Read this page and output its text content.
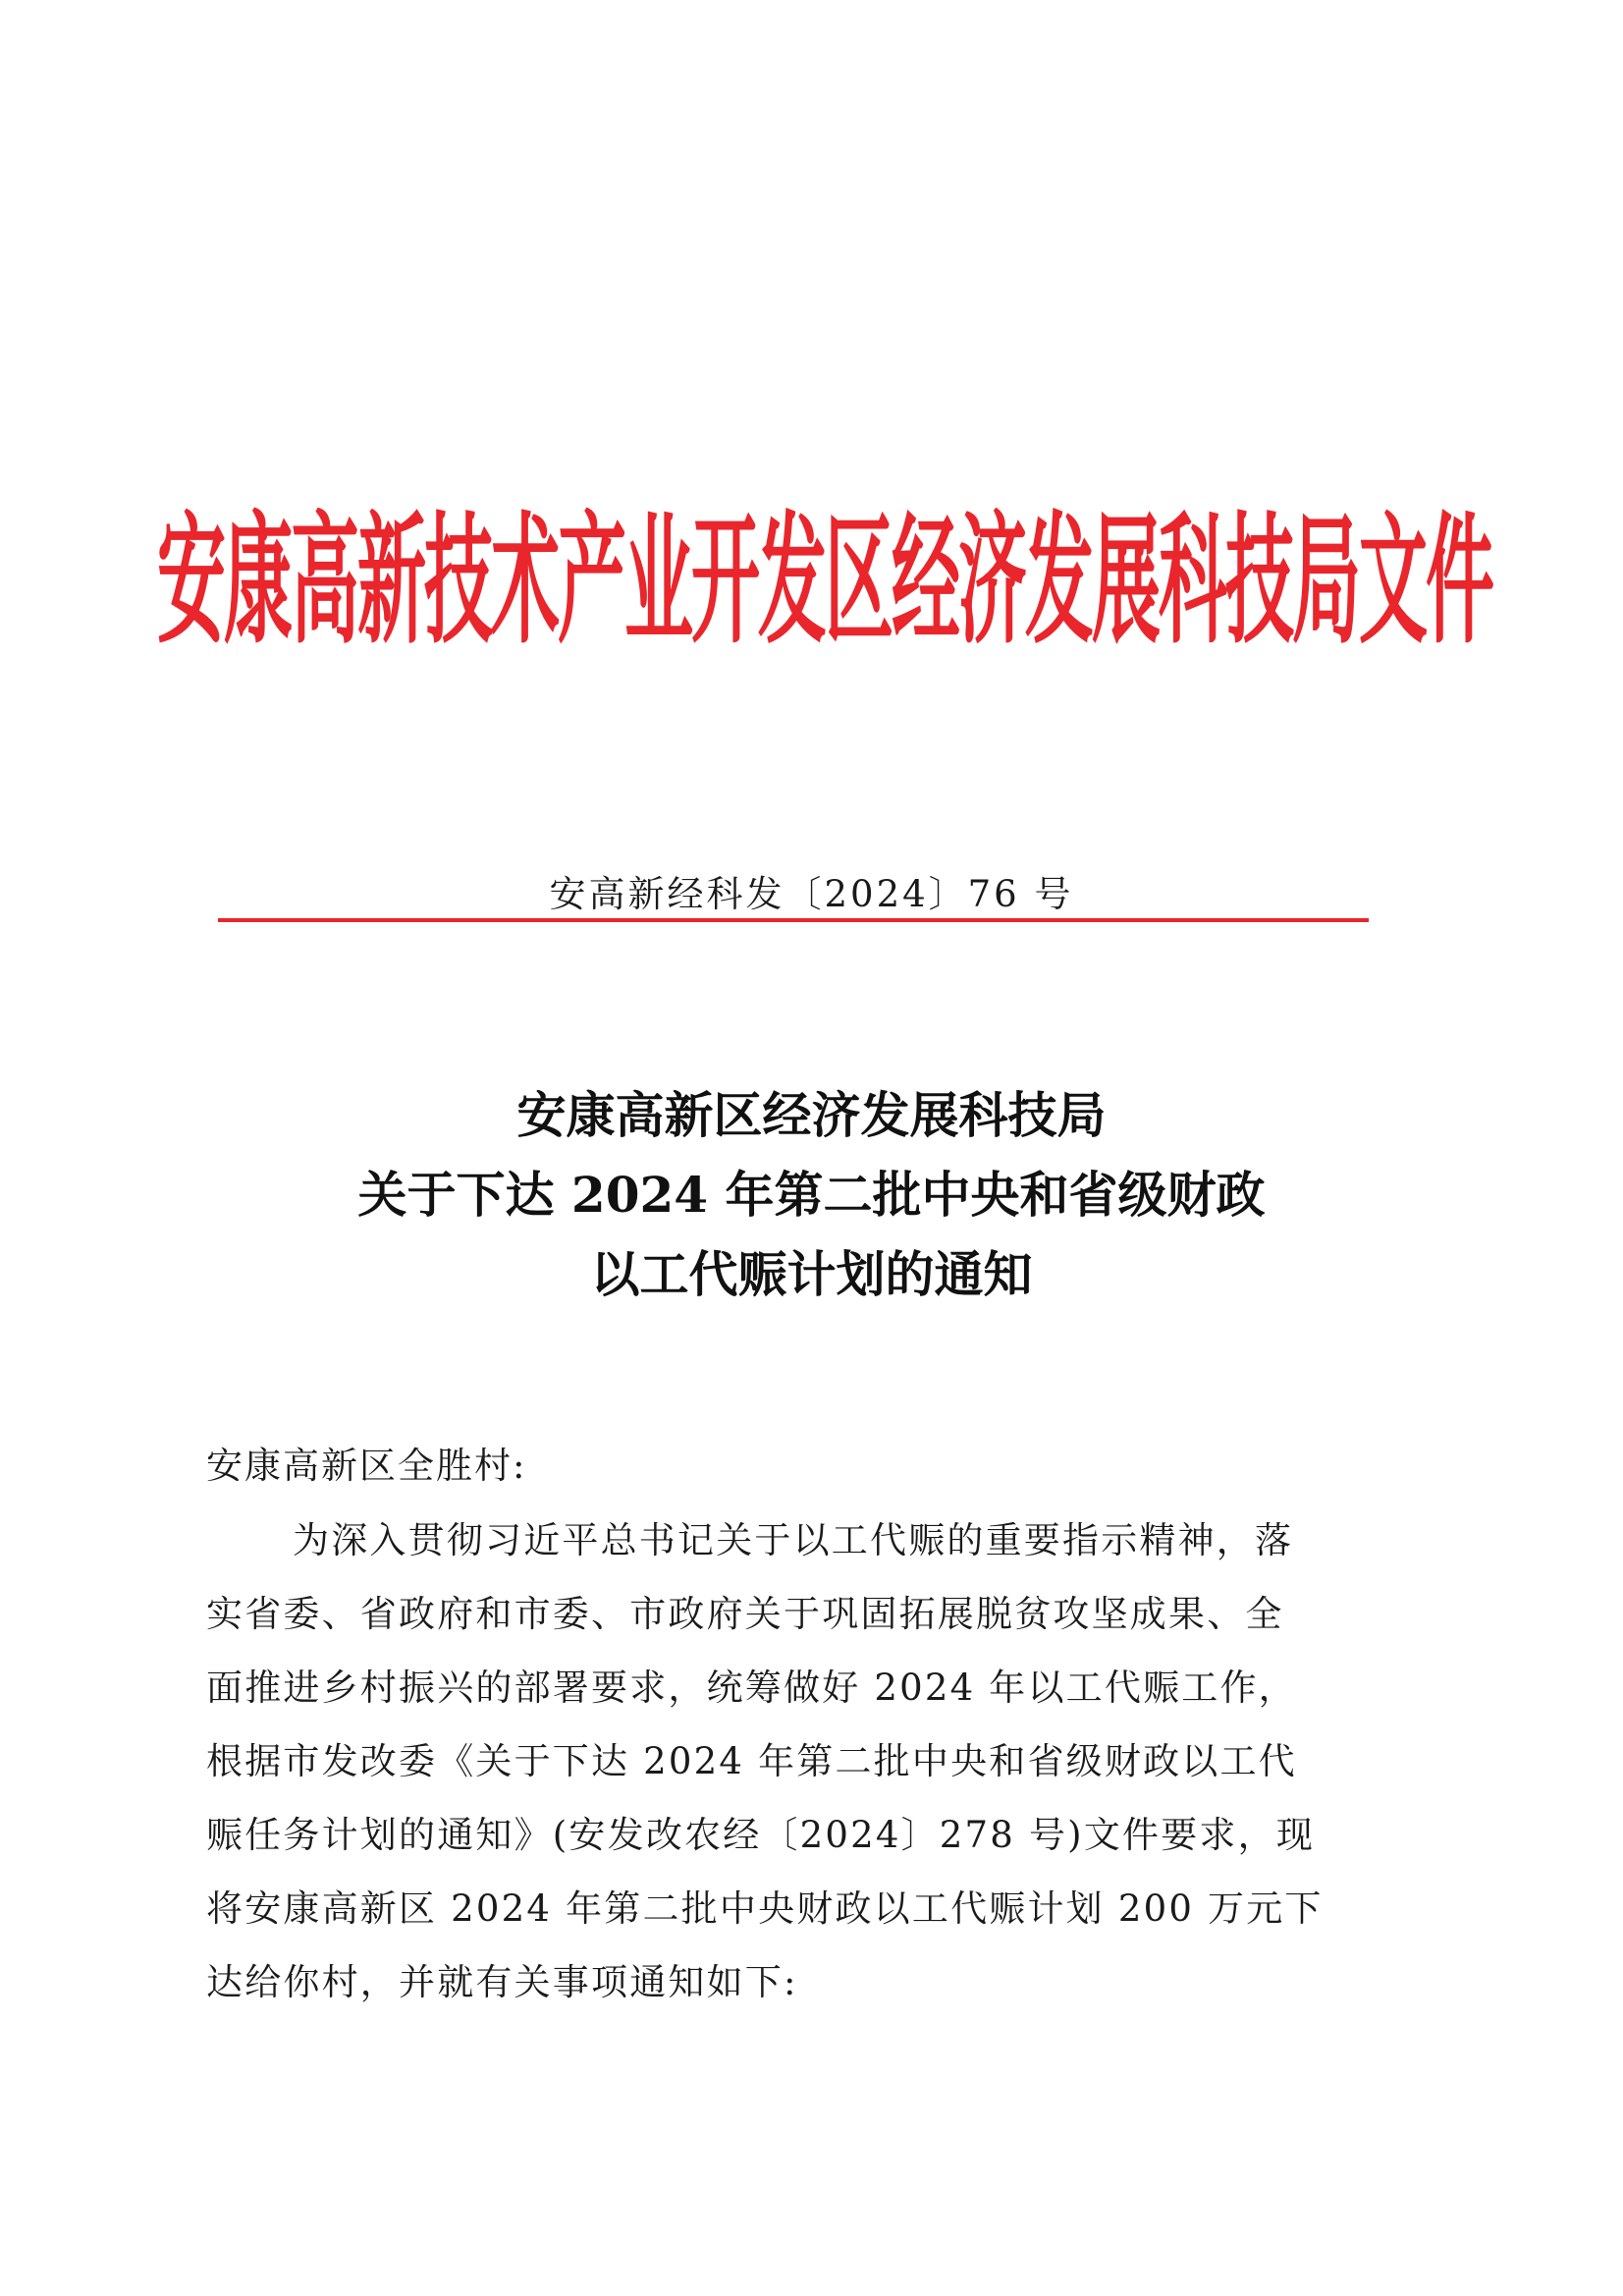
安康高新技术产业开发区经济发展科技局文件
安高新经科发〔2024〕76 号
安康高新区经济发展科技局
关于下达 2024 年第二批中央和省级财政
以工代赈计划的通知
安康高新区全胜村:
为深入贯彻习近平总书记关于以工代赈的重要指示精神，落
实省委、省政府和市委、市政府关于巩固拓展脱贫攻坚成果、全
面推进乡村振兴的部署要求，统筹做好 2024 年以工代赈工作，
根据市发改委《关于下达 2024 年第二批中央和省级财政以工代
赈任务计划的通知》(安发改农经〔2024〕278 号)文件要求，现
将安康高新区 2024 年第二批中央财政以工代赈计划 200 万元下
达给你村，并就有关事项通知如下:
